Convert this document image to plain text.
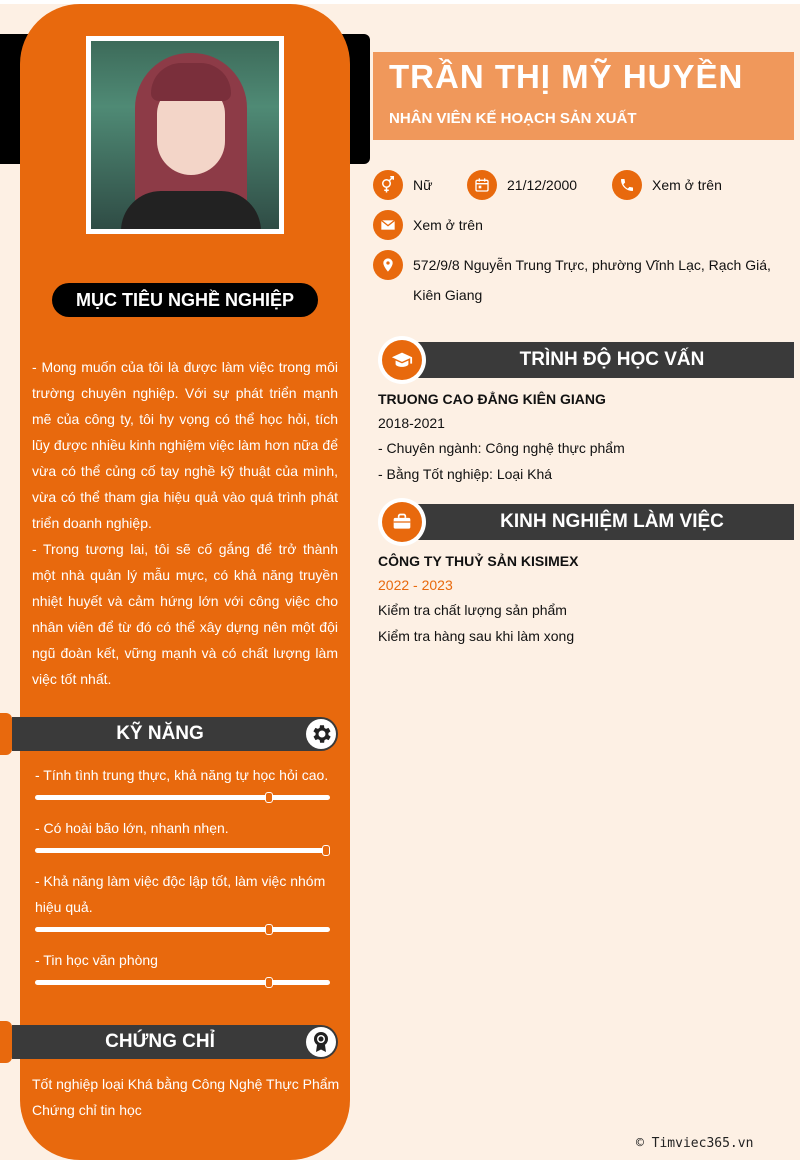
MỤC TIÊU NGHỀ NGHIỆP

- Mong muốn của tôi là được làm việc trong môi trường chuyên nghiệp. Với sự phát triển mạnh mẽ của công ty, tôi hy vọng có thể học hỏi, tích lũy được nhiều kinh nghiệm việc làm hơn nữa để vừa có thể củng cố tay nghề kỹ thuật của mình, vừa có thể tham gia hiệu quả vào quá trình phát triển doanh nghiệp.

- Trong tương lai, tôi sẽ cố gắng để trở thành một nhà quản lý mẫu mực, có khả năng truyền nhiệt huyết và cảm hứng lớn với công việc cho nhân viên để từ đó có thể xây dựng nên một đội ngũ đoàn kết, vững mạnh và có chất lượng làm việc tốt nhất.

KỸ NĂNG
- Tính tình trung thực, khả năng tự học hỏi cao.
- Có hoài bão lớn, nhanh nhẹn.
- Khả năng làm việc độc lập tốt, làm việc nhóm hiệu quả.
- Tin học văn phòng
CHỨNG CHỈ
Tốt nghiệp loại Khá bằng Công Nghệ Thực Phẩm
Chứng chỉ tin học
TRẦN THỊ MỸ HUYỀN
NHÂN VIÊN KẾ HOẠCH SẢN XUẤT
Nữ	21/12/2000	Xem ở trên
Xem ở trên
572/9/8 Nguyễn Trung Trực, phường Vĩnh Lạc, Rạch Giá,
Kiên Giang
TRÌNH ĐỘ HỌC VẤN
TRUONG CAO ĐẲNG KIÊN GIANG
2018-2021
- Chuyên ngành: Công nghệ thực phẩm
- Bằng Tốt nghiệp: Loại Khá
KINH NGHIỆM LÀM VIỆC
CÔNG TY THUỶ SẢN KISIMEX
2022 - 2023
Kiểm tra chất lượng sản phẩm
Kiểm tra hàng sau khi làm xong
© Timviec365.vn
